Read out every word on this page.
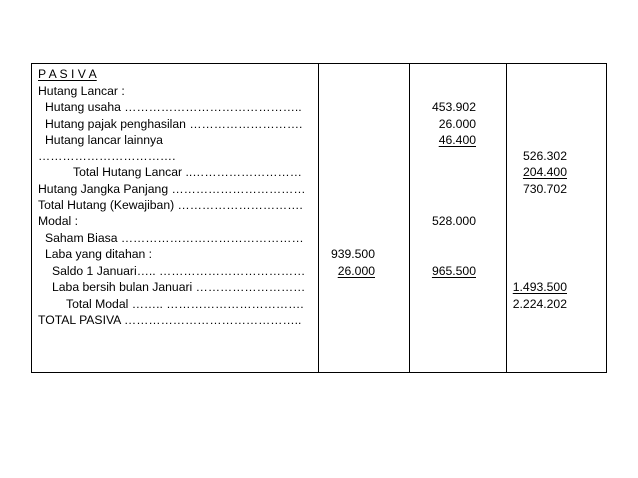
P A S I V A
Hutang Lancar :
Hutang usaha ……………………………………..
Hutang pajak penghasilan ……………………….
Hutang lancar lainnya
…………………………….
Total Hutang Lancar ..………………………
Hutang Jangka Panjang ……………………………
Total Hutang (Kewajiban) ………………………….
Modal :
Saham Biasa ………………………………………
Laba yang ditahan :
Saldo 1 Januari….. ………………………………
Laba bersih bulan Januari ………………………
Total Modal …….. …………………………….
TOTAL PASIVA ……………………………………..
939.500
26.000
453.902
26.000
46.400
528.000
965.500
526.302
204.400
730.702
1.493.500
2.224.202
